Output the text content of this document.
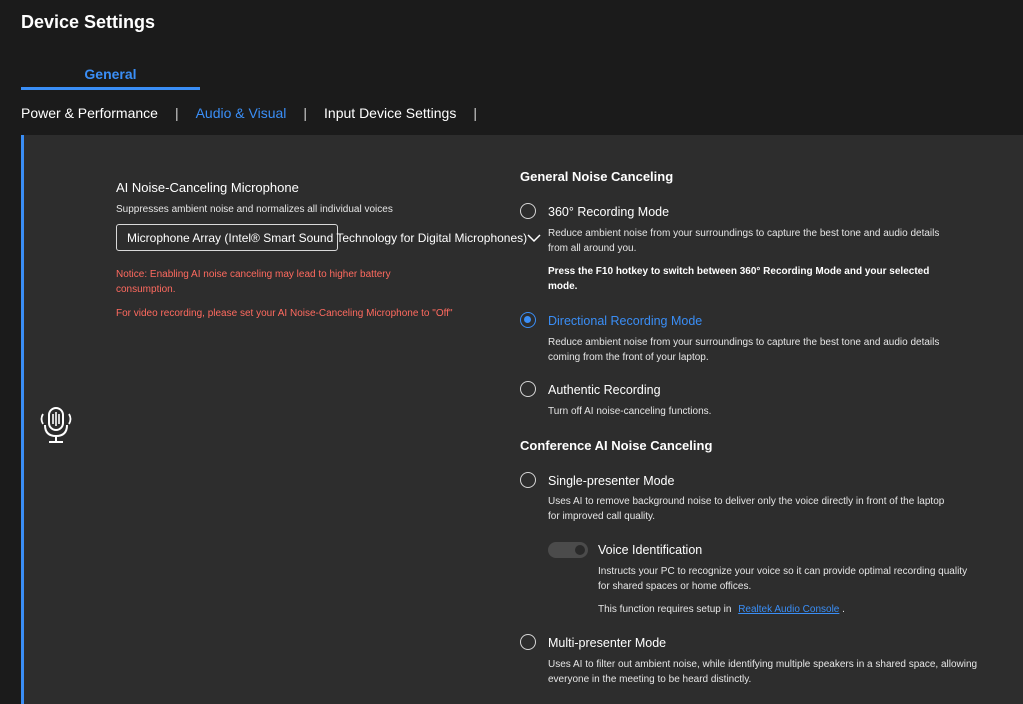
Device Settings
General
Power & Performance | Audio & Visual | Input Device Settings |
AI Noise-Canceling Microphone
Suppresses ambient noise and normalizes all individual voices
Microphone Array (Intel® Smart Sound Technology for Digital Microphones)
Notice: Enabling AI noise canceling may lead to higher battery consumption.
For video recording, please set your AI Noise-Canceling Microphone to "Off"
General Noise Canceling
360° Recording Mode
Reduce ambient noise from your surroundings to capture the best tone and audio details from all around you.
Press the F10 hotkey to switch between 360° Recording Mode and your selected mode.
Directional Recording Mode
Reduce ambient noise from your surroundings to capture the best tone and audio details coming from the front of your laptop.
Authentic Recording
Turn off AI noise-canceling functions.
Conference AI Noise Canceling
Single-presenter Mode
Uses AI to remove background noise to deliver only the voice directly in front of the laptop for improved call quality.
Voice Identification
Instructs your PC to recognize your voice so it can provide optimal recording quality for shared spaces or home offices.
This function requires setup in Realtek Audio Console .
Multi-presenter Mode
Uses AI to filter out ambient noise, while identifying multiple speakers in a shared space, allowing everyone in the meeting to be heard distinctly.
